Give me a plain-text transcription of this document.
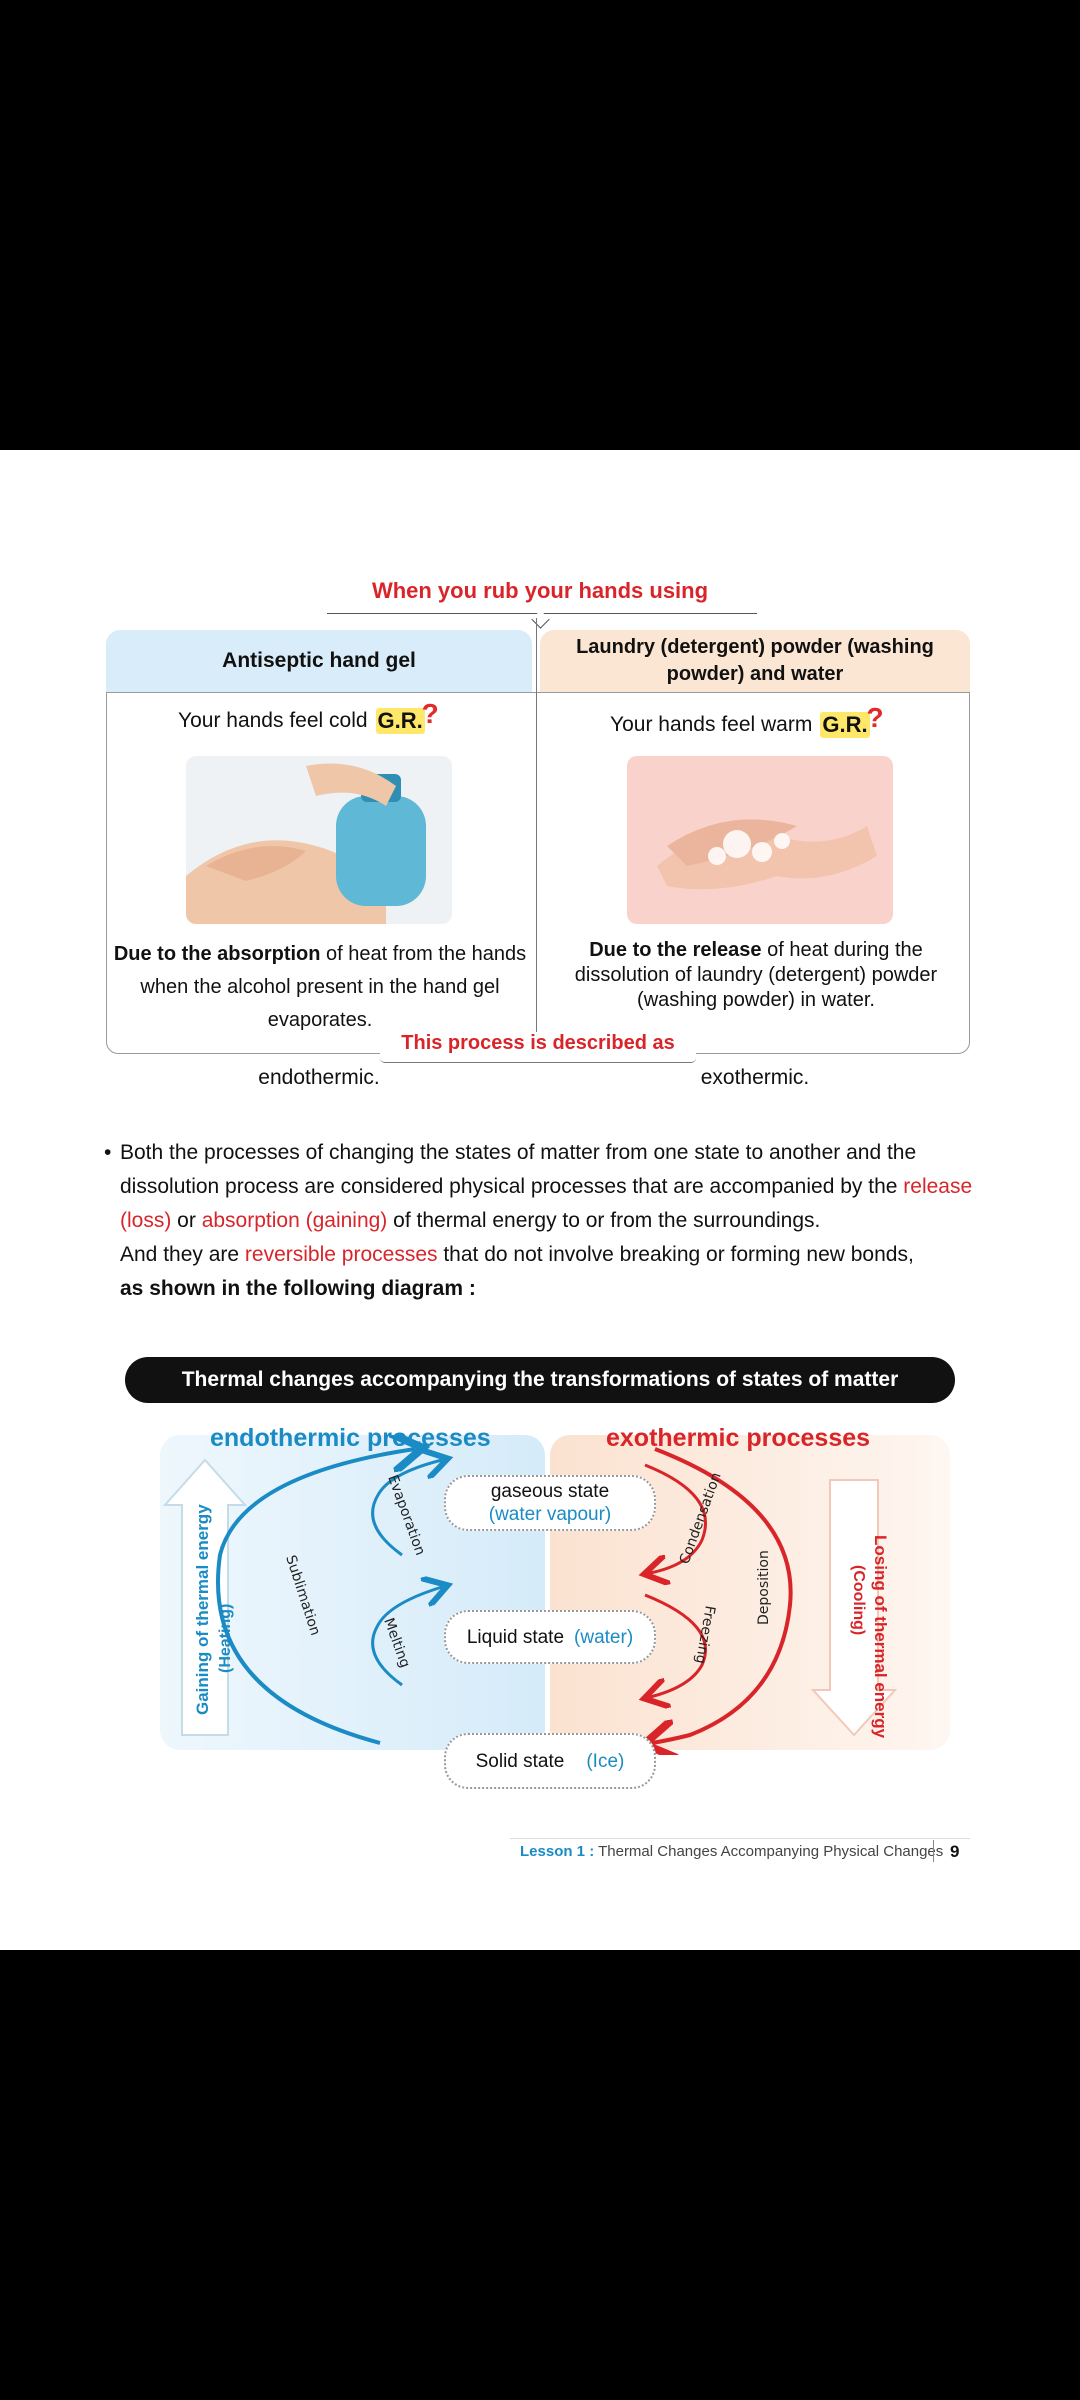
When you rub your hands using
Antiseptic hand gel
Laundry (detergent) powder (washing powder) and water
Your hands feel cold G.R. ?
Due to the absorption of heat from the hands when the alcohol present in the hand gel evaporates.
endothermic.
Your hands feel warm G.R. ?
Due to the release of heat during the dissolution of laundry (detergent) powder (washing powder) in water.
exothermic.
This process is described as
• Both the processes of changing the states of matter from one state to another and the dissolution process are considered physical processes that are accompanied by the release (loss) or absorption (gaining) of thermal energy to or from the surroundings.
And they are reversible processes that do not involve breaking or forming new bonds,
as shown in the following diagram :
Thermal changes accompanying the transformations of states of matter
Gaining of thermal energy (Heating)	Losing of thermal energy
(Cooling)
Sublimation
Evaporation
Melting
Condensation
Freezing
Deposition
endothermic processes	exothermic processes
gaseous state
(water vapour)
Liquid state (water)
Solid state (Ice)
Lesson 1 : Thermal Changes Accompanying Physical Changes 9
